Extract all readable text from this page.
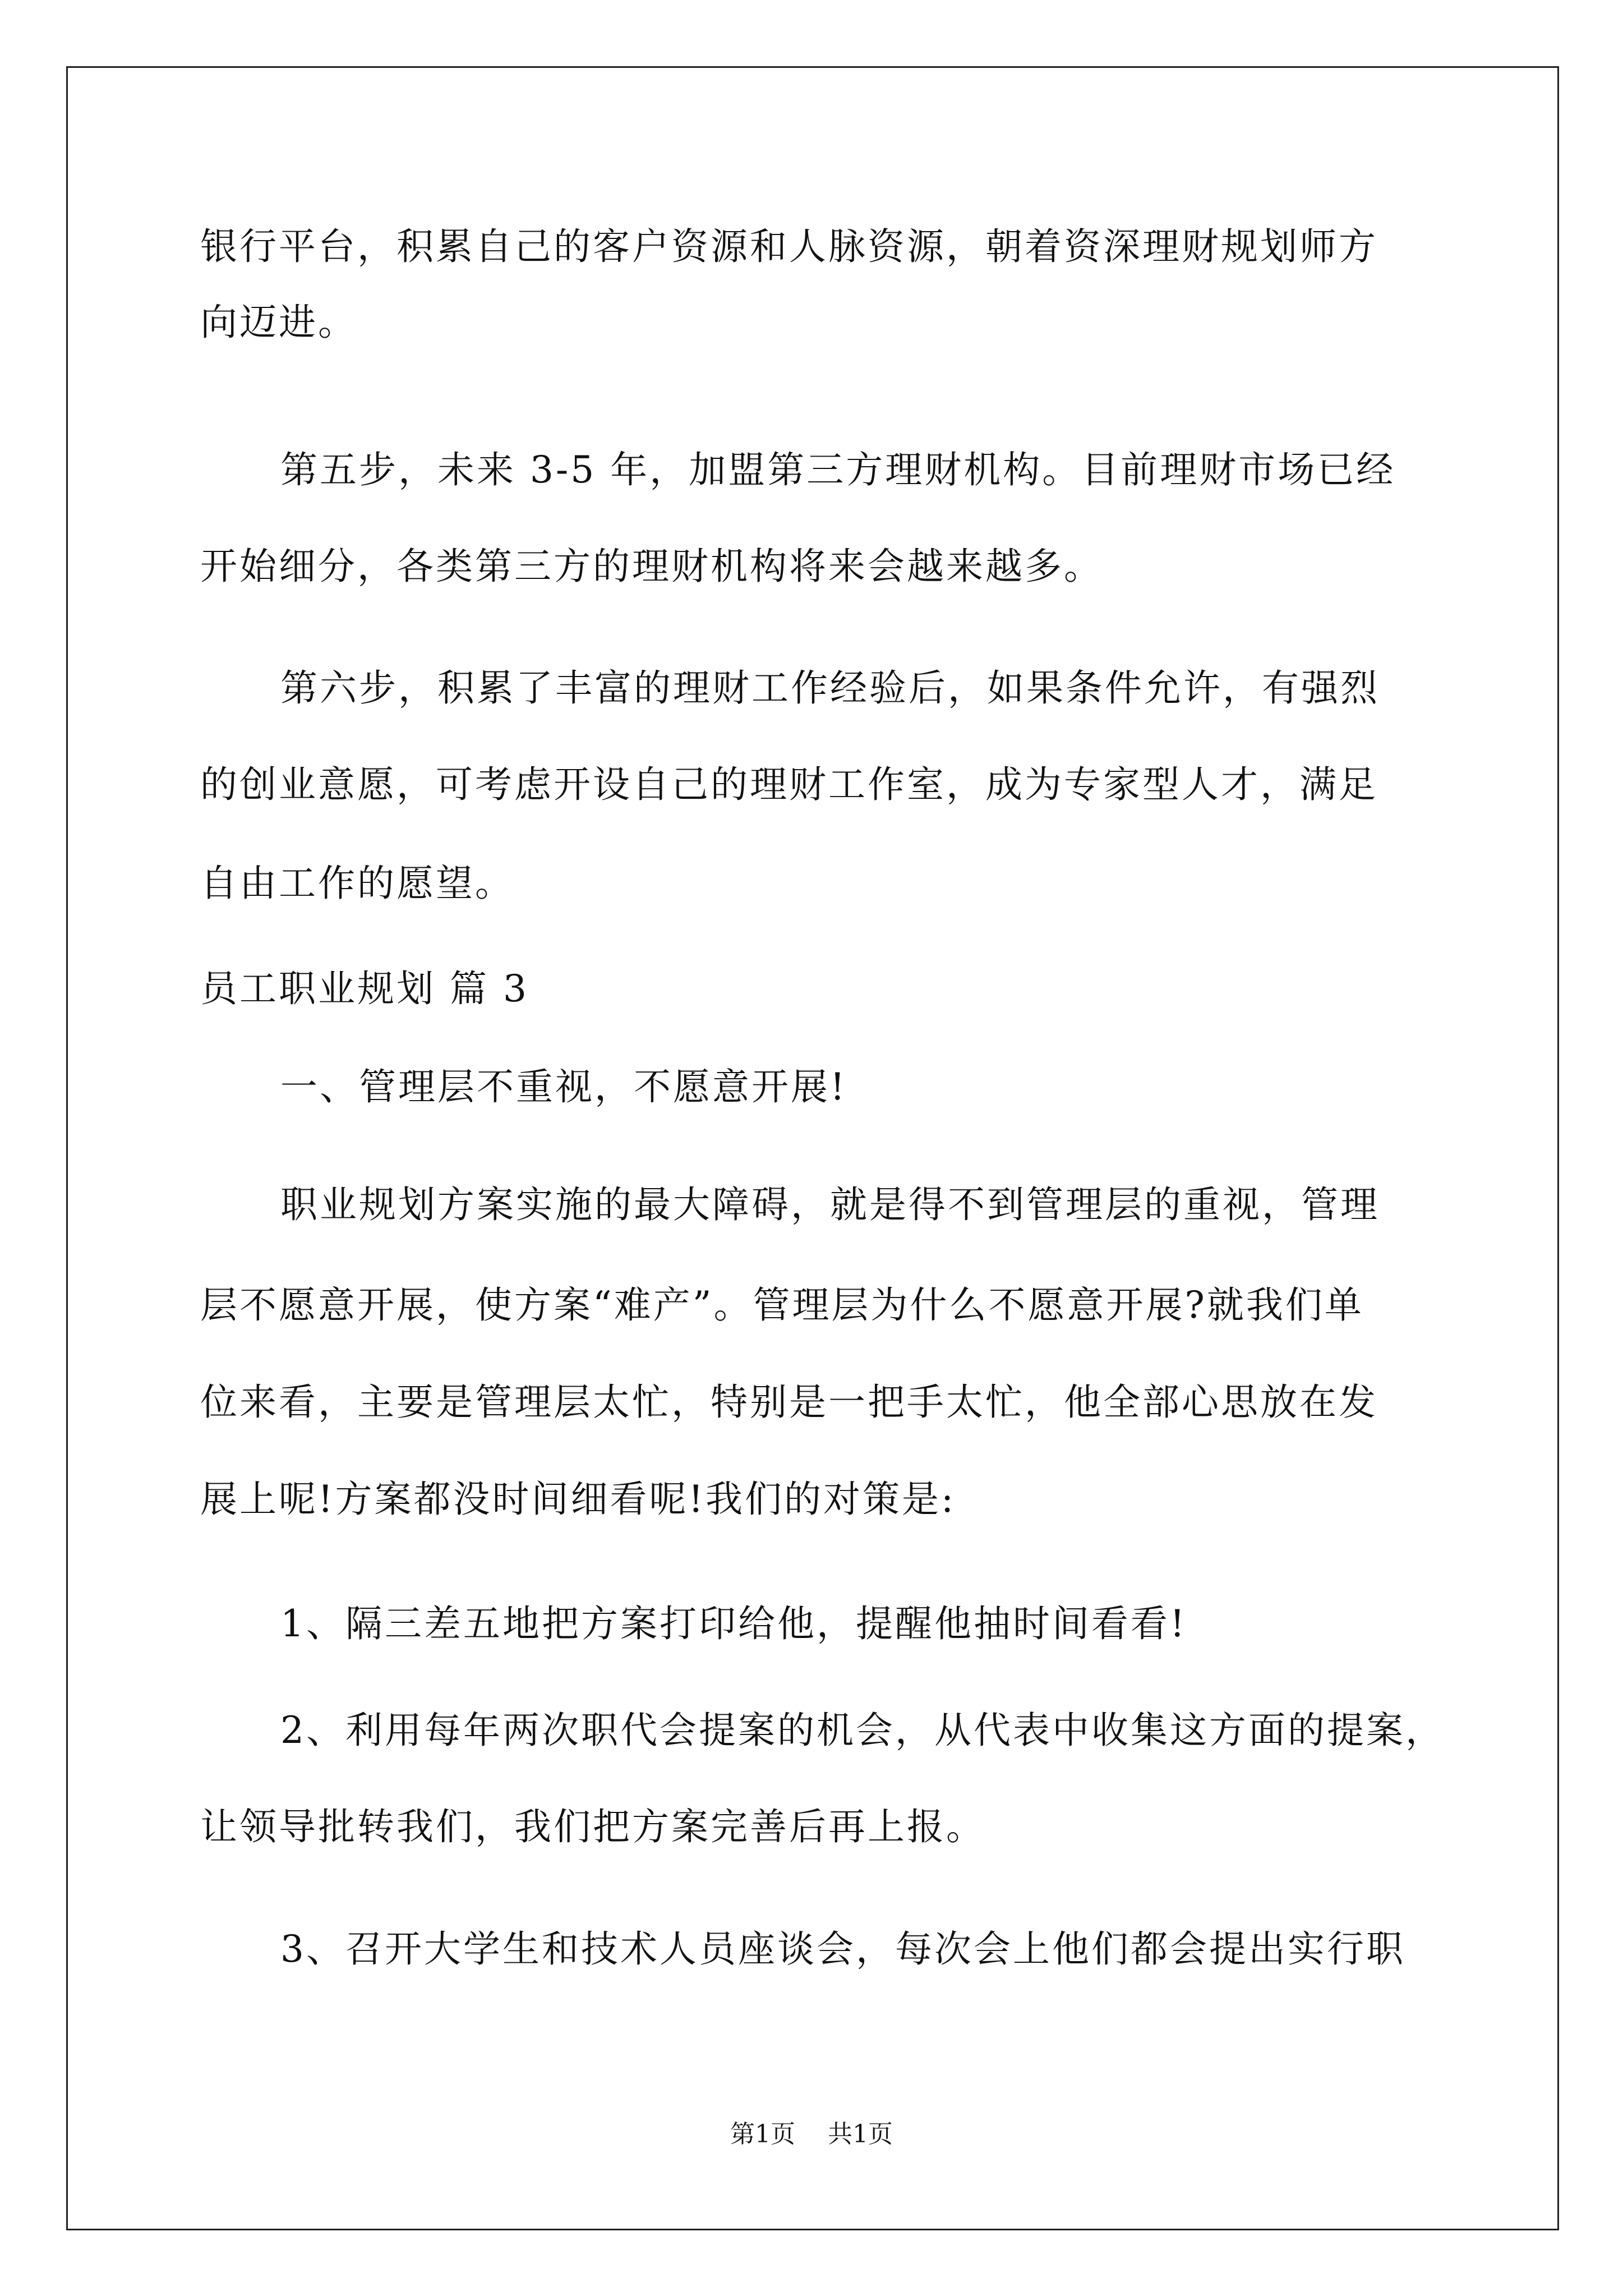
银行平台，积累自己的客户资源和人脉资源，朝着资深理财规划师方
向迈进。
第五步，未来 3-5 年，加盟第三方理财机构。目前理财市场已经
开始细分，各类第三方的理财机构将来会越来越多。
第六步，积累了丰富的理财工作经验后，如果条件允许，有强烈
的创业意愿，可考虑开设自己的理财工作室，成为专家型人才，满足
自由工作的愿望。
员工职业规划 篇 3
一、管理层不重视，不愿意开展!
职业规划方案实施的最大障碍，就是得不到管理层的重视，管理
层不愿意开展，使方案“难产”。管理层为什么不愿意开展?就我们单
位来看，主要是管理层太忙，特别是一把手太忙，他全部心思放在发
展上呢!方案都没时间细看呢!我们的对策是:
1、隔三差五地把方案打印给他，提醒他抽时间看看!
2、利用每年两次职代会提案的机会，从代表中收集这方面的提案，
让领导批转我们，我们把方案完善后再上报。
3、召开大学生和技术人员座谈会，每次会上他们都会提出实行职
第1页 共1页
